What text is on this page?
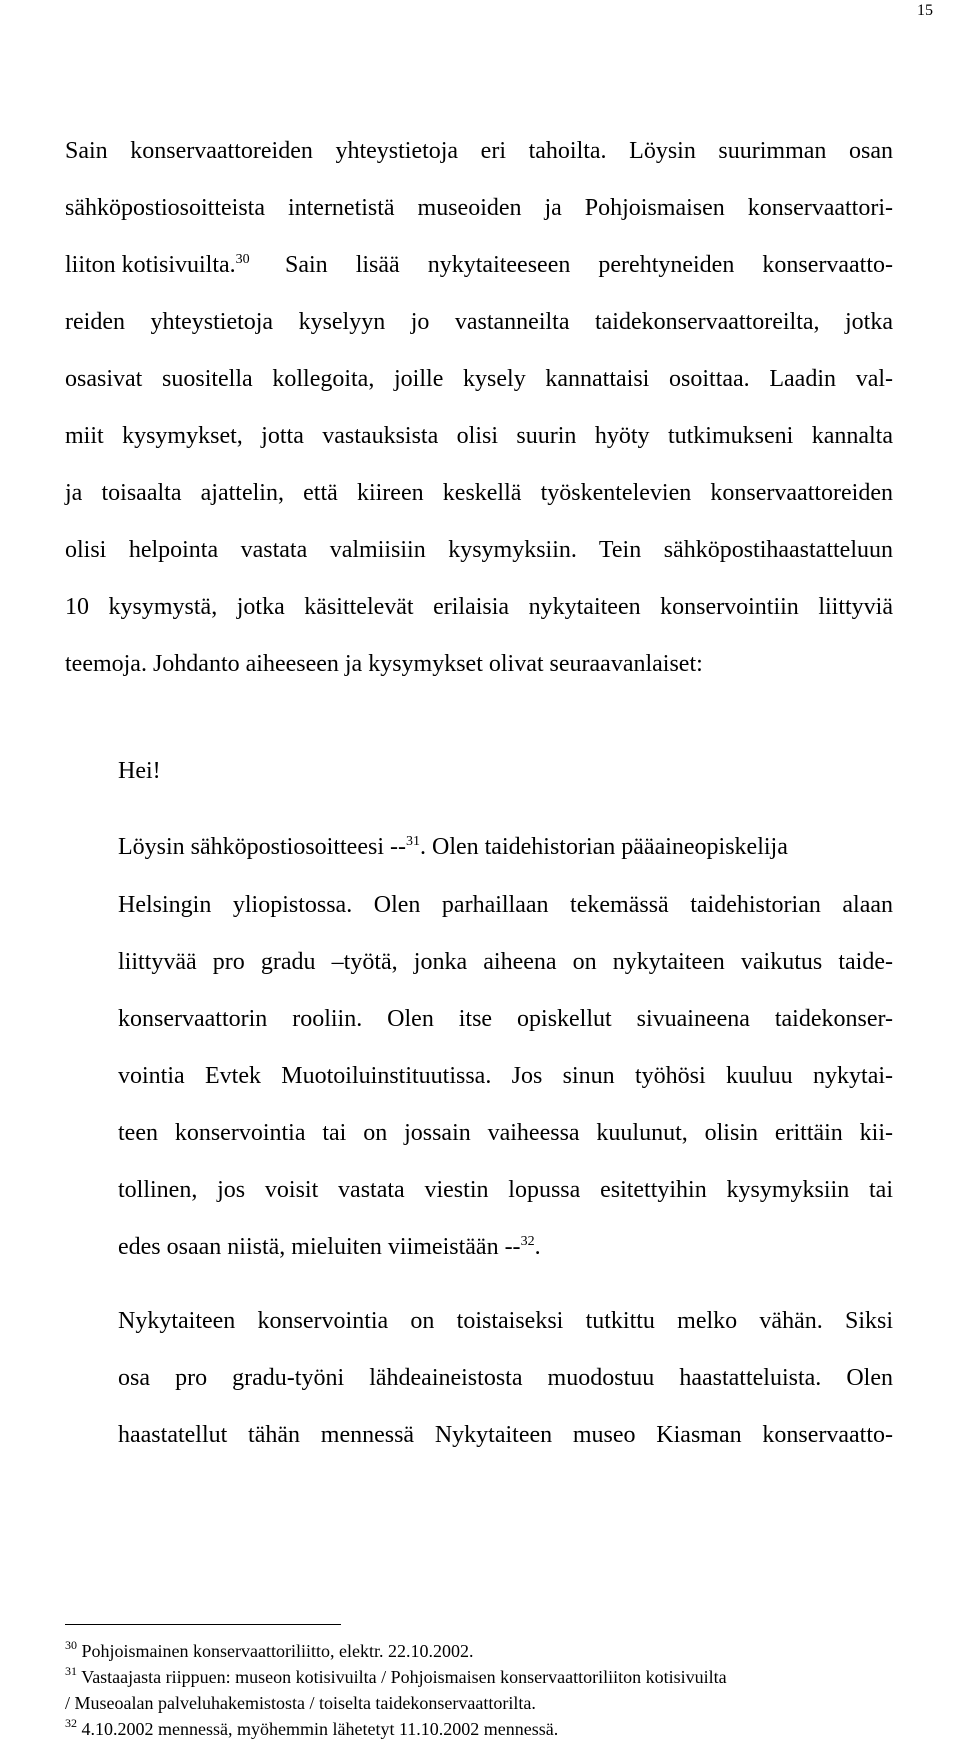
15
Sain konservaattoreiden yhteystietoja eri tahoilta. Löysin suurimman osan
sähköpostiosoitteista internetistä museoiden ja Pohjoismaisen konservaattori-
liiton kotisivuilta.$^{30}$ Sain lisää nykytaiteeseen perehtyneiden konservaatto-
reiden yhteystietoja kyselyyn jo vastanneilta taidekonservaattoreilta, jotka
osasivat suositella kollegoita, joille kysely kannattaisi osoittaa. Laadin val-
miit kysymykset, jotta vastauksista olisi suurin hyöty tutkimukseni kannalta
ja toisaalta ajattelin, että kiireen keskellä työskentelevien konservaattoreiden
olisi helpointa vastata valmiisiin kysymyksiin. Tein sähköpostihaastatteluun
10 kysymystä, jotka käsittelevät erilaisia nykytaiteen konservointiin liittyviä
teemoja. Johdanto aiheeseen ja kysymykset olivat seuraavanlaiset:
Hei!
Löysin sähköpostiosoitteesi --$^{31}$. Olen taidehistorian pääaineopiskelija
Helsingin yliopistossa. Olen parhaillaan tekemässä taidehistorian alaan
liittyvää pro gradu –työtä, jonka aiheena on nykytaiteen vaikutus taide-
konservaattorin rooliin. Olen itse opiskellut sivuaineena taidekonser-
vointia Evtek Muotoiluinstituutissa. Jos sinun työhösi kuuluu nykytai-
teen konservointia tai on jossain vaiheessa kuulunut, olisin erittäin kii-
tollinen, jos voisit vastata viestin lopussa esitettyihin kysymyksiin tai
edes osaan niistä, mieluiten viimeistään --$^{32}$.
Nykytaiteen konservointia on toistaiseksi tutkittu melko vähän. Siksi
osa pro gradu-työni lähdeaineistosta muodostuu haastatteluista. Olen
haastatellut tähän mennessä Nykytaiteen museo Kiasman konservaatto-
$^{30}$ Pohjoismainen konservaattoriliitto, elektr. 22.10.2002.
$^{31}$ Vastaajasta riippuen: museon kotisivuilta / Pohjoismaisen konservaattoriliiton kotisivuilta
/ Museoalan palveluhakemistosta / toiselta taidekonservaattorilta.
$^{32}$ 4.10.2002 mennessä, myöhemmin lähetetyt 11.10.2002 mennessä.
